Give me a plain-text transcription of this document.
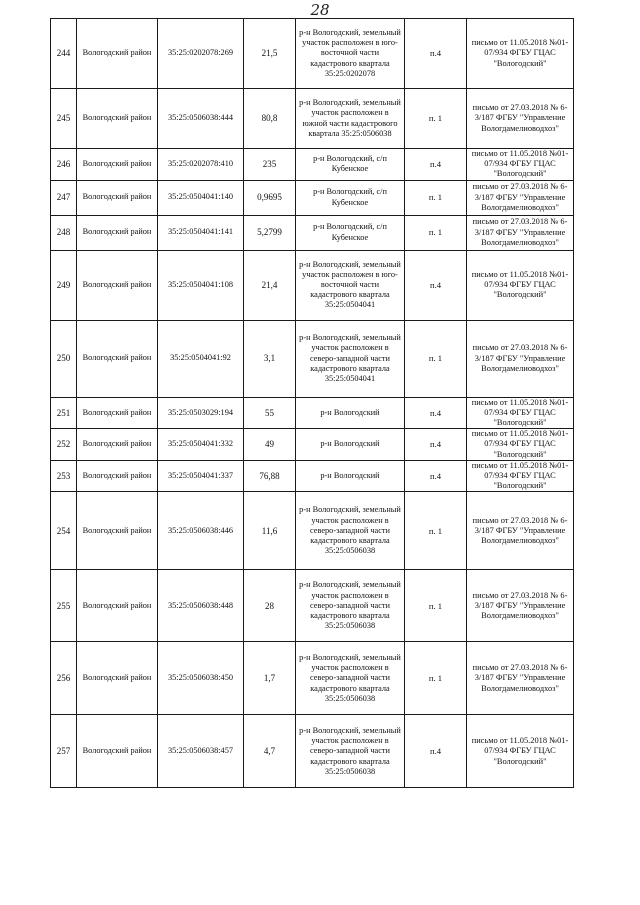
28
244	Вологодский район	35:25:0202078:269	21,5	р-н Вологодский, земельный участок расположен в юго-восточной части кадастрового квартала 35:25:0202078	п.4	письмо от 11.05.2018 №01-07/934 ФГБУ ГЦАС "Вологодский"
245	Вологодский район	35:25:0506038:444	80,8	р-н Вологодский, земельный участок расположен в южной части кадастрового квартала 35:25:0506038	п. 1	письмо от 27.03.2018 № 6-3/187 ФГБУ "Управление Вологдамелиоводхоз"
246	Вологодский район	35:25:0202078:410	235	р-н Вологодский, с/п Кубенское	п.4	письмо от 11.05.2018 №01-07/934 ФГБУ ГЦАС "Вологодский"
247	Вологодский район	35:25:0504041:140	0,9695	р-н Вологодский, с/п Кубенское	п. 1	письмо от 27.03.2018 № 6-3/187 ФГБУ "Управление Вологдамелиоводхоз"
248	Вологодский район	35:25:0504041:141	5,2799	р-н Вологодский, с/п Кубенское	п. 1	письмо от 27.03.2018 № 6-3/187 ФГБУ "Управление Вологдамелиоводхоз"
249	Вологодский район	35:25:0504041:108	21,4	р-н Вологодский, земельный участок расположен в юго-восточной части кадастрового квартала 35:25:0504041	п.4	письмо от 11.05.2018 №01-07/934 ФГБУ ГЦАС "Вологодский"
250	Вологодский район	35:25:0504041:92	3,1	р-н Вологодский, земельный участок расположен в северо-западной части кадастрового квартала 35:25:0504041	п. 1	письмо от 27.03.2018 № 6-3/187 ФГБУ "Управление Вологдамелиоводхоз"
251	Вологодский район	35:25:0503029:194	55	р-н Вологодский	п.4	письмо от 11.05.2018 №01-07/934 ФГБУ ГЦАС "Вологодский"
252	Вологодский район	35:25:0504041:332	49	р-н Вологодский	п.4	письмо от 11.05.2018 №01-07/934 ФГБУ ГЦАС "Вологодский"
253	Вологодский район	35:25:0504041:337	76,88	р-н Вологодский	п.4	письмо от 11.05.2018 №01-07/934 ФГБУ ГЦАС "Вологодский"
254	Вологодский район	35:25:0506038:446	11,6	р-н Вологодский, земельный участок расположен в северо-западной части кадастрового квартала 35:25:0506038	п. 1	письмо от 27.03.2018 № 6-3/187 ФГБУ "Управление Вологдамелиоводхоз"
255	Вологодский район	35:25:0506038:448	28	р-н Вологодский, земельный участок расположен в северо-западной части кадастрового квартала 35:25:0506038	п. 1	письмо от 27.03.2018 № 6-3/187 ФГБУ "Управление Вологдамелиоводхоз"
256	Вологодский район	35:25:0506038:450	1,7	р-н Вологодский, земельный участок расположен в северо-западной части кадастрового квартала 35:25:0506038	п. 1	письмо от 27.03.2018 № 6-3/187 ФГБУ "Управление Вологдамелиоводхоз"
257	Вологодский район	35:25:0506038:457	4,7	р-н Вологодский, земельный участок расположен в северо-западной части кадастрового квартала 35:25:0506038	п.4	письмо от 11.05.2018 №01-07/934 ФГБУ ГЦАС "Вологодский"
